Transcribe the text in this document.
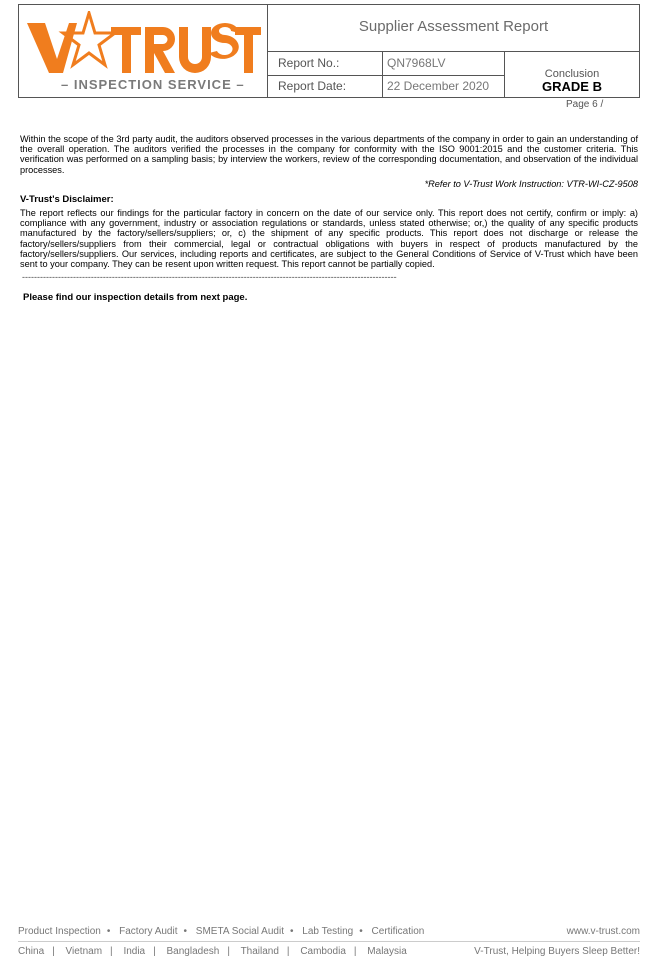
– INSPECTION SERVICE –
Supplier Assessment Report
Report No.:	QN7968LV
Report Date:	22 December 2020
Conclusion
GRADE B
Page 6 /

Within the scope of the 3rd party audit, the auditors observed processes in the various departments of the company in order to gain an understanding of the overall operation. The auditors verified the processes in the company for conformity with the ISO 9001:2015 and the customer criteria. This verification was performed on a sampling basis; by interview the workers, review of the corresponding documentation, and observation of the individual processes.

*Refer to V-Trust Work Instruction: VTR-WI-CZ-9508
V-Trust's Disclaimer:

The report reflects our findings for the particular factory in concern on the date of our service only. This report does not certify, confirm or imply: a) compliance with any government, industry or association regulations or standards, unless stated otherwise; or,) the quality of any specific products manufactured by the factory/sellers/suppliers; or, c) the shipment of any specific products. This report does not discharge or release the factory/sellers/suppliers from their commercial, legal or contractual obligations with buyers in respect of products manufactured by the factory/sellers/suppliers. Our services, including reports and certificates, are subject to the General Conditions of Service of V-Trust which have been sent to your company. They can be resent upon written request. This report cannot be partially copied.

-----------------------------------------------------------------------------------------------------------------------------
Please find our inspection details from next page.
Product Inspection • Factory Audit • SMETA Social Audit • Lab Testing • Certification	www.v-trust.com
China | Vietnam | India | Bangladesh | Thailand | Cambodia | Malaysia	V-Trust, Helping Buyers Sleep Better!
